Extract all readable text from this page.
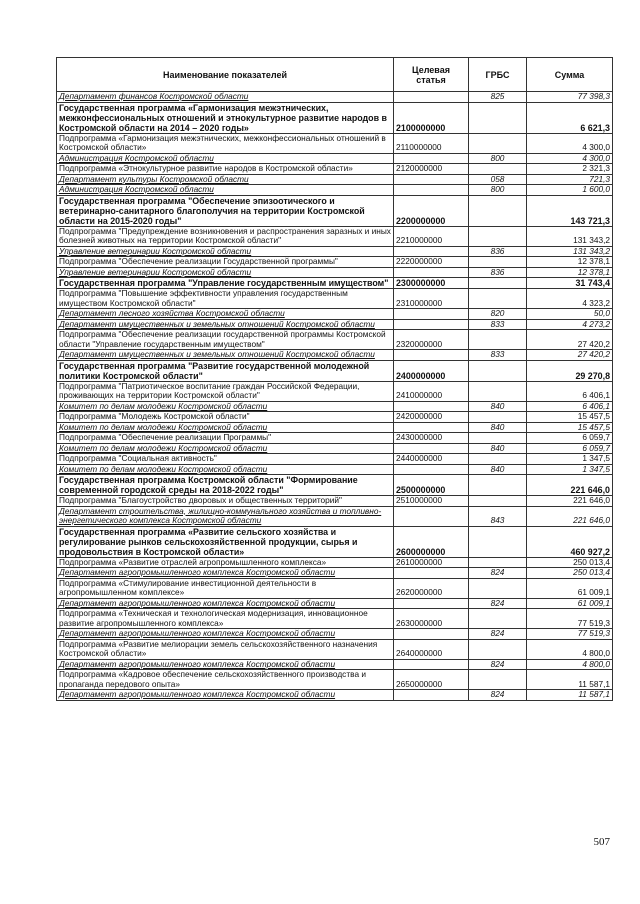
Наименование показателей	Целевая статья	ГРБС	Сумма
Департамент финансов Костромской области		825	77 398,3
Государственная программа «Гармонизация межэтнических, межконфессиональных отношений и этнокультурное развитие народов в Костромской области на 2014 – 2020 годы»	2100000000		6 621,3
Подпрограмма «Гармонизация межэтнических, межконфессиональных отношений в Костромской области»	2110000000		4 300,0
Администрация Костромской области		800	4 300,0
Подпрограмма «Этнокультурное развитие народов в Костромской области»	2120000000		2 321,3
Департамент культуры Костромской области		058	721,3
Администрация Костромской области		800	1 600,0
Государственная программа "Обеспечение эпизоотического и ветеринарно-санитарного благополучия на территории Костромской области на 2015-2020 годы"	2200000000		143 721,3
Подпрограмма "Предупреждение возникновения и распространения заразных и иных болезней животных на территории Костромской области"	2210000000		131 343,2
Управление ветеринарии Костромской области		836	131 343,2
Подпрограмма "Обеспечение реализации Государственной программы"	2220000000		12 378,1
Управление ветеринарии Костромской области		836	12 378,1
Государственная программа "Управление государственным имуществом"	2300000000		31 743,4
Подпрограмма "Повышение эффективности управления государственным имуществом Костромской области"	2310000000		4 323,2
Департамент лесного хозяйства Костромской области		820	50,0
Департамент имущественных и земельных отношений Костромской области		833	4 273,2
Подпрограмма "Обеспечение реализации государственной программы Костромской области "Управление государственным имуществом"	2320000000		27 420,2
Департамент имущественных и земельных отношений Костромской области		833	27 420,2
Государственная программа "Развитие государственной молодежной политики Костромской области"	2400000000		29 270,8
Подпрограмма "Патриотическое воспитание граждан Российской Федерации, проживающих на территории Костромской области"	2410000000		6 406,1
Комитет по делам молодежи Костромской области		840	6 406,1
Подпрограмма "Молодежь Костромской области"	2420000000		15 457,5
Комитет по делам молодежи Костромской области		840	15 457,5
Подпрограмма "Обеспечение реализации Программы"	2430000000		6 059,7
Комитет по делам молодежи Костромской области		840	6 059,7
Подпрограмма "Социальная активность"	2440000000		1 347,5
Комитет по делам молодежи Костромской области		840	1 347,5
Государственная программа Костромской области "Формирование современной городской среды на 2018-2022 годы"	2500000000		221 646,0
Подпрограмма "Благоустройство дворовых и общественных территорий"	2510000000		221 646,0
Департамент строительства, жилищно-коммунального хозяйства и топливно-энергетического комплекса Костромской области		843	221 646,0
Государственная программа «Развитие сельского хозяйства и регулирование рынков сельскохозяйственной продукции, сырья и продовольствия в Костромской области»	2600000000		460 927,2
Подпрограмма «Развитие отраслей агропромышленного комплекса»	2610000000		250 013,4
Департамент агропромышленного комплекса Костромской области		824	250 013,4
Подпрограмма «Стимулирование инвестиционной деятельности в агропромышленном комплексе»	2620000000		61 009,1
Департамент агропромышленного комплекса Костромской области		824	61 009,1
Подпрограмма «Техническая и технологическая модернизация, инновационное развитие агропромышленного комплекса»	2630000000		77 519,3
Департамент агропромышленного комплекса Костромской области		824	77 519,3
Подпрограмма «Развитие мелиорации земель сельскохозяйственного назначения Костромской области»	2640000000		4 800,0
Департамент агропромышленного комплекса Костромской области		824	4 800,0
Подпрограмма «Кадровое обеспечение сельскохозяйственного производства и пропаганда передового опыта»	2650000000		11 587,1
Департамент агропромышленного комплекса Костромской области		824	11 587,1
507
